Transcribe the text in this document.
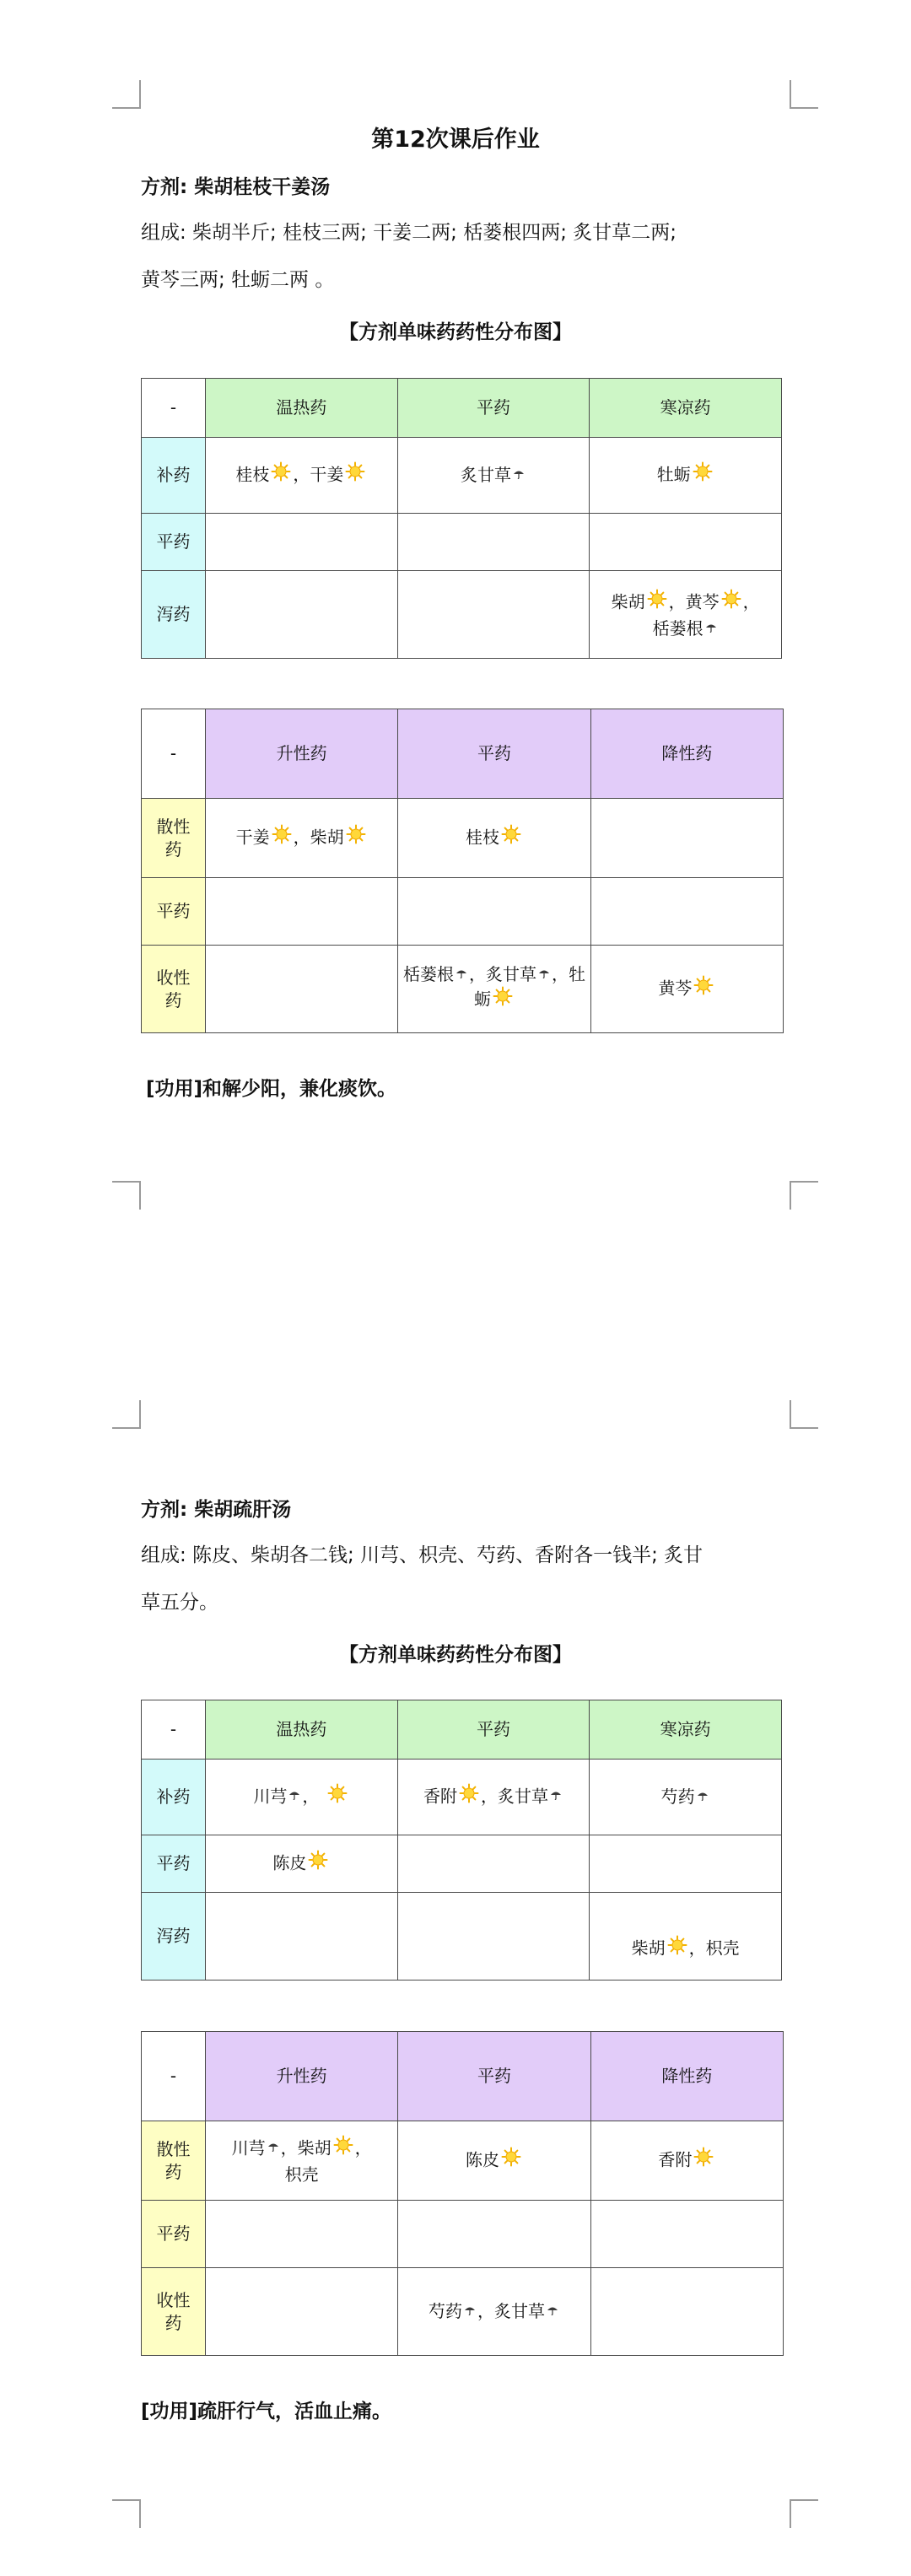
第12次课后作业
方剂: 柴胡桂枝干姜汤
组成: 柴胡半斤; 桂枝三两; 干姜二两; 栝蒌根四两; 炙甘草二两;
黄芩三两; 牡蛎二两 。
【方剂单味药药性分布图】
-	温热药	平药	寒凉药
补药	桂枝 ，干姜	炙甘草	牡蛎
平药			
泻药			柴胡 ，黄芩 ，
栝蒌根
-	升性药	平药	降性药
散性药	干姜 ，柴胡	桂枝	
平药			
收性药		栝蒌根 ，炙甘草 ，牡蛎	黄芩
[功用]和解少阳，兼化痰饮。
方剂: 柴胡疏肝汤
组成: 陈皮、柴胡各二钱; 川芎、枳壳、芍药、香附各一钱半; 炙甘
草五分。
【方剂单味药药性分布图】
-	温热药	平药	寒凉药
补药	川芎 ，	香附 ，炙甘草	芍药
平药	陈皮		
泻药			柴胡 ，枳壳
-	升性药	平药	降性药
散性药	川芎 ，柴胡 ，
枳壳	陈皮	香附
平药			
收性药		芍药 ，炙甘草	
[功用]疏肝行气，活血止痛。
